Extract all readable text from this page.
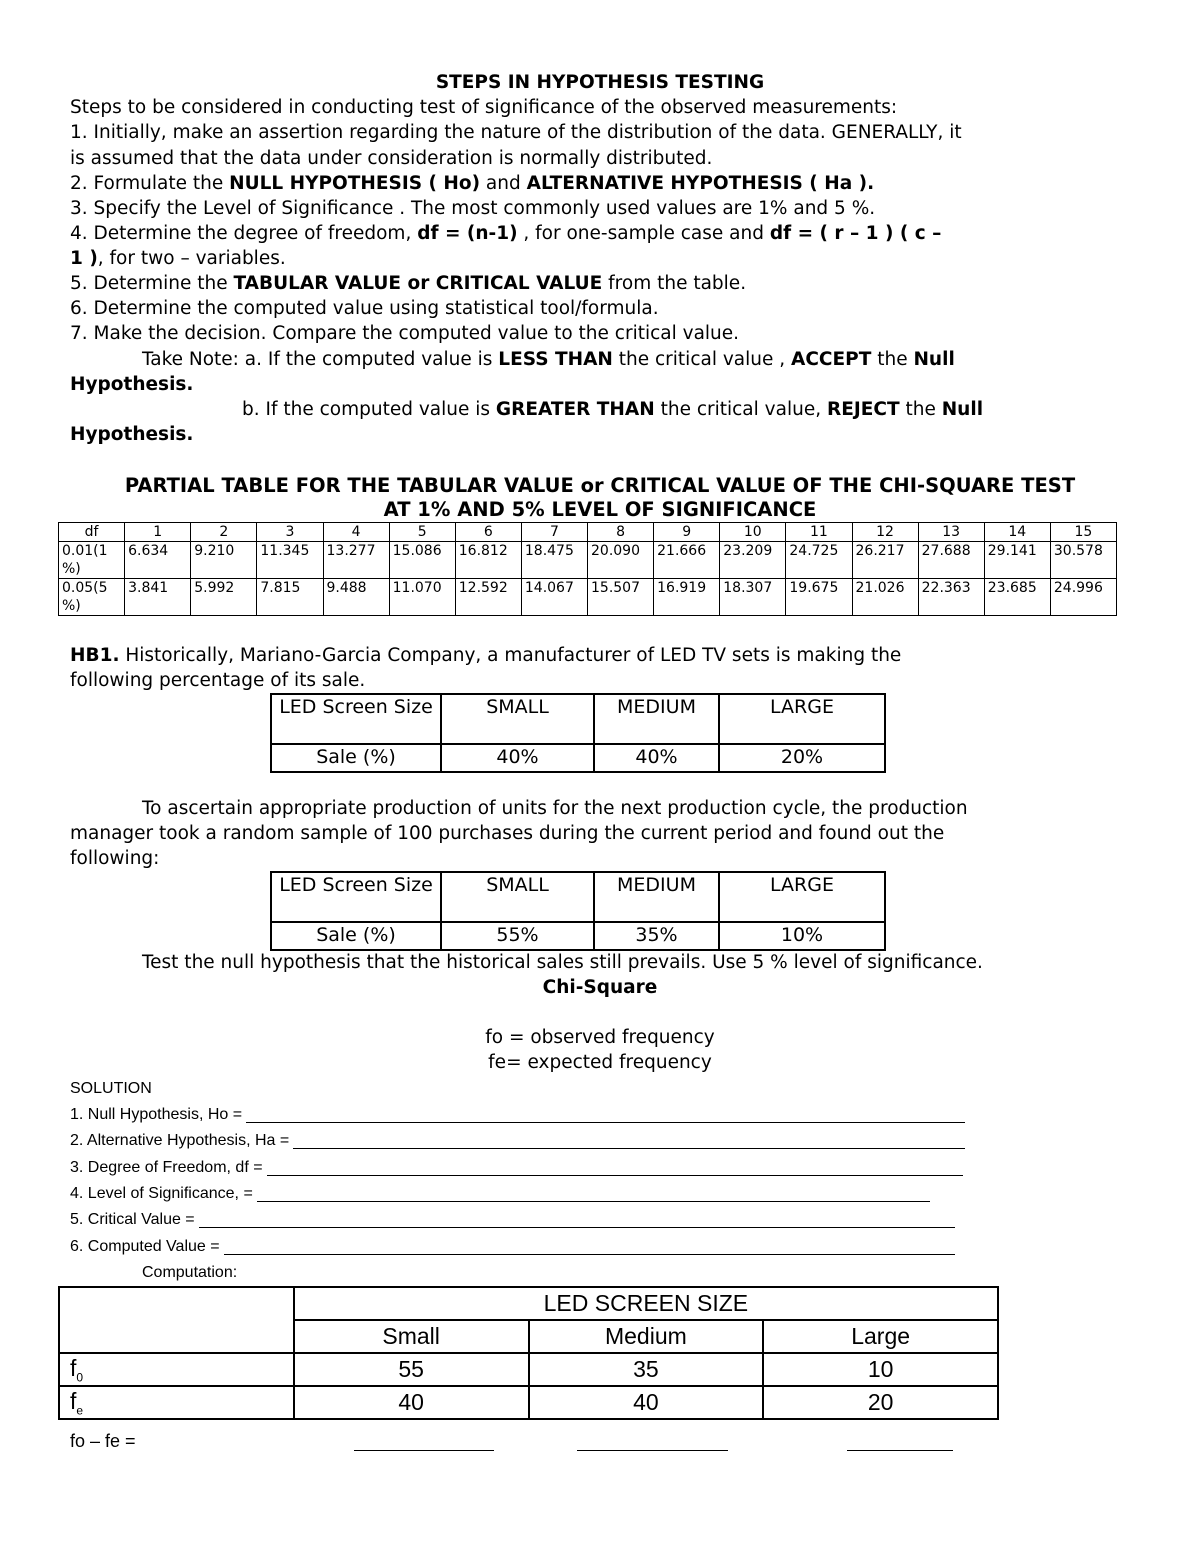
STEPS IN HYPOTHESIS TESTING
PARTIAL TABLE FOR THE TABULAR VALUE or CRITICAL VALUE OF THE CHI-SQUARE TEST
AT 1% AND 5% LEVEL OF SIGNIFICANCE
df	1	2	3	4	5	6	7	8	9	10	11	12	13	14	15
0.01(1 %)	6.634	9.210	11.345	13.277	15.086	16.812	18.475	20.090	21.666	23.209	24.725	26.217	27.688	29.141	30.578
0.05(5 %)	3.841	5.992	7.815	9.488	11.070	12.592	14.067	15.507	16.919	18.307	19.675	21.026	22.363	23.685	24.996
HB1. Historically, Mariano-Garcia Company, a manufacturer of LED TV sets is making the
following percentage of its sale.
LED Screen Size	SMALL	MEDIUM	LARGE
Sale (%)	40%	40%	20%
To ascertain appropriate production of units for the next production cycle, the production
manager took a random sample of 100 purchases during the current period and found out the
following:
LED Screen Size	SMALL	MEDIUM	LARGE
Sale (%)	55%	35%	10%
Test the null hypothesis that the historical sales still prevails. Use 5 % level of significance.
Chi-Square
fo = observed frequency
fe= expected frequency
SOLUTION
1. Null Hypothesis, Ho =
2. Alternative Hypothesis, Ha =
3. Degree of Freedom, df =
4. Level of Significance, =
5. Critical Value =
6. Computed Value =
Computation:
	LED SCREEN SIZE		
	Small	Medium	Large
$f_0$	55	35	10
$f_e$	40	40	20
fo – fe =
Steps to be considered in conducting test of significance of the observed measurements:
1. Initially, make an assertion regarding the nature of the distribution of the data. GENERALLY, it
is assumed that the data under consideration is normally distributed.
2. Formulate the NULL HYPOTHESIS ( Ho) and ALTERNATIVE HYPOTHESIS ( Ha ).
3. Specify the Level of Significance . The most commonly used values are 1% and 5 %.
4. Determine the degree of freedom, df = (n-1) , for one-sample case and df = ( r – 1 ) ( c –
1 ), for two – variables.
5. Determine the TABULAR VALUE or CRITICAL VALUE from the table.
6. Determine the computed value using statistical tool/formula.
7. Make the decision. Compare the computed value to the critical value.
Take Note: a. If the computed value is LESS THAN the critical value , ACCEPT the Null
Hypothesis.
b. If the computed value is GREATER THAN the critical value, REJECT the Null
Hypothesis.
